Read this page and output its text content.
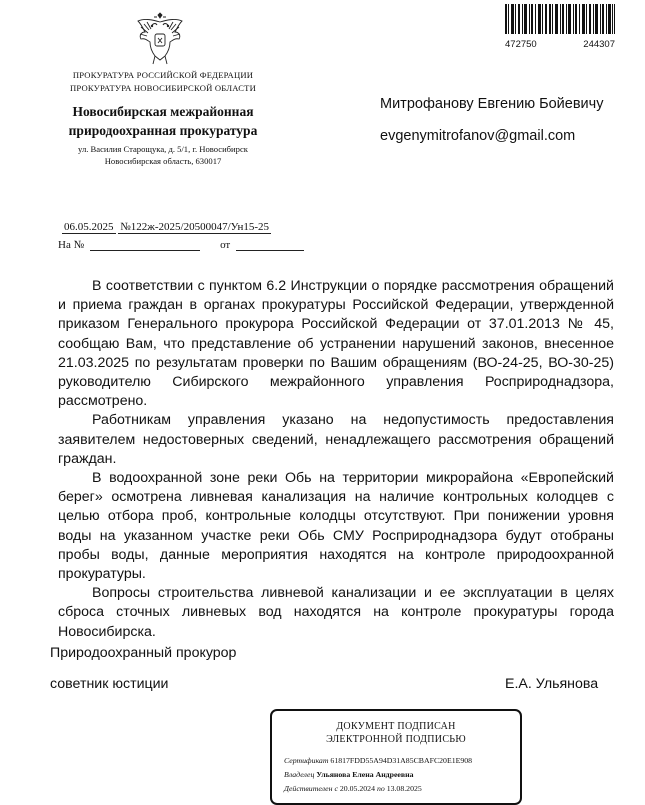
472750	244307
ПРОКУРАТУРА РОССИЙСКОЙ ФЕДЕРАЦИИ
ПРОКУРАТУРА НОВОСИБИРСКОЙ ОБЛАСТИ
Новосибирская межрайонная
природоохранная прокуратура
ул. Василия Старощука, д. 5/1, г. Новосибирск
Новосибирская область, 630017
Митрофанову Евгению Бойевичу
evgenymitrofanov@gmail.com
06.05.2025 №122ж-2025/20500047/Ун15-25
На №	от

В соответствии с пунктом 6.2 Инструкции о порядке рассмотрения обращений и приема граждан в органах прокуратуры Российской Федерации, утвержденной приказом Генерального прокурора Российской Федерации от 37.01.2013 № 45, сообщаю Вам, что представление об устранении нарушений законов, внесенное 21.03.2025 по результатам проверки по Вашим обращениям (ВО-24-25, ВО-30-25) руководителю Сибирского межрайонного управления Росприроднадзора, рассмотрено.

Работникам управления указано на недопустимость предоставления заявителем недостоверных сведений, ненадлежащего рассмотрения обращений граждан.

В водоохранной зоне реки Обь на территории микрорайона «Европейский берег» осмотрена ливневая канализация на наличие контрольных колодцев с целью отбора проб, контрольные колодцы отсутствуют. При понижении уровня воды на указанном участке реки Обь СМУ Росприроднадзора будут отобраны пробы воды, данные мероприятия находятся на контроле природоохранной прокуратуры.

Вопросы строительства ливневой канализации и ее эксплуатации в целях сброса сточных ливневых вод находятся на контроле прокуратуры города Новосибирска.

Природоохранный прокурор
советник юстиции	Е.А. Ульянова
ДОКУМЕНТ ПОДПИСАН
ЭЛЕКТРОННОЙ ПОДПИСЬЮ
Сертификат 61817FDD55A94D31A85CBAFC20E1E908
Владелец Ульянова Елена Андреевна
Действителен с 20.05.2024 по 13.08.2025
